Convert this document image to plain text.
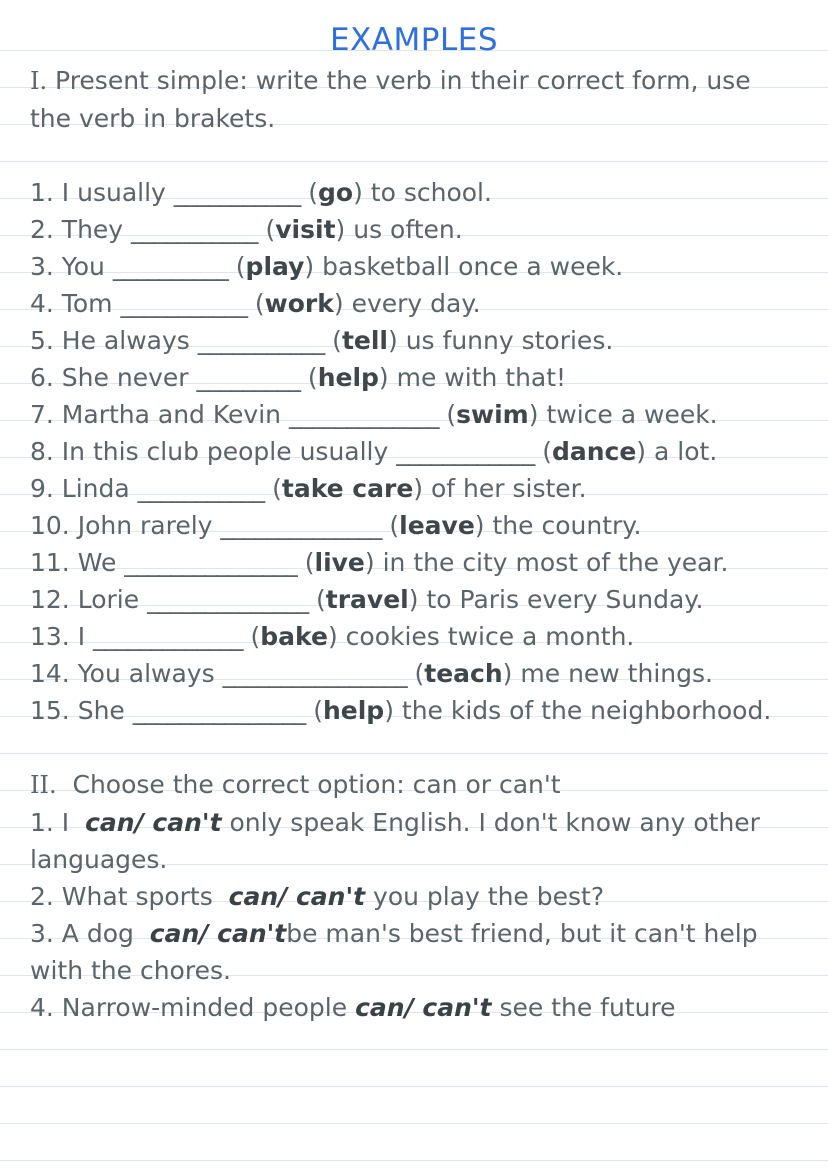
EXAMPLES
I. Present simple: write the verb in their correct form, use the verb in brakets.
1. I usually ___________ (go) to school.
2. They ___________ (visit) us often.
3. You __________ (play) basketball once a week.
4. Tom ___________ (work) every day.
5. He always ___________ (tell) us funny stories.
6. She never _________ (help) me with that!
7. Martha and Kevin _____________ (swim) twice a week.
8. In this club people usually ____________ (dance) a lot.
9. Linda ___________ (take care) of her sister.
10. John rarely ______________ (leave) the country.
11. We _______________ (live) in the city most of the year.
12. Lorie ______________ (travel) to Paris every Sunday.
13. I _____________ (bake) cookies twice a month.
14. You always ________________ (teach) me new things.
15. She _______________ (help) the kids of the neighborhood.
II.  Choose the correct option: can or can't
1. I  can/ can't only speak English. I don't know any other languages.
2. What sports  can/ can't you play the best?
3. A dog  can/ can'tbe man's best friend, but it can't help with the chores.
4. Narrow-minded people can/ can't see the future
